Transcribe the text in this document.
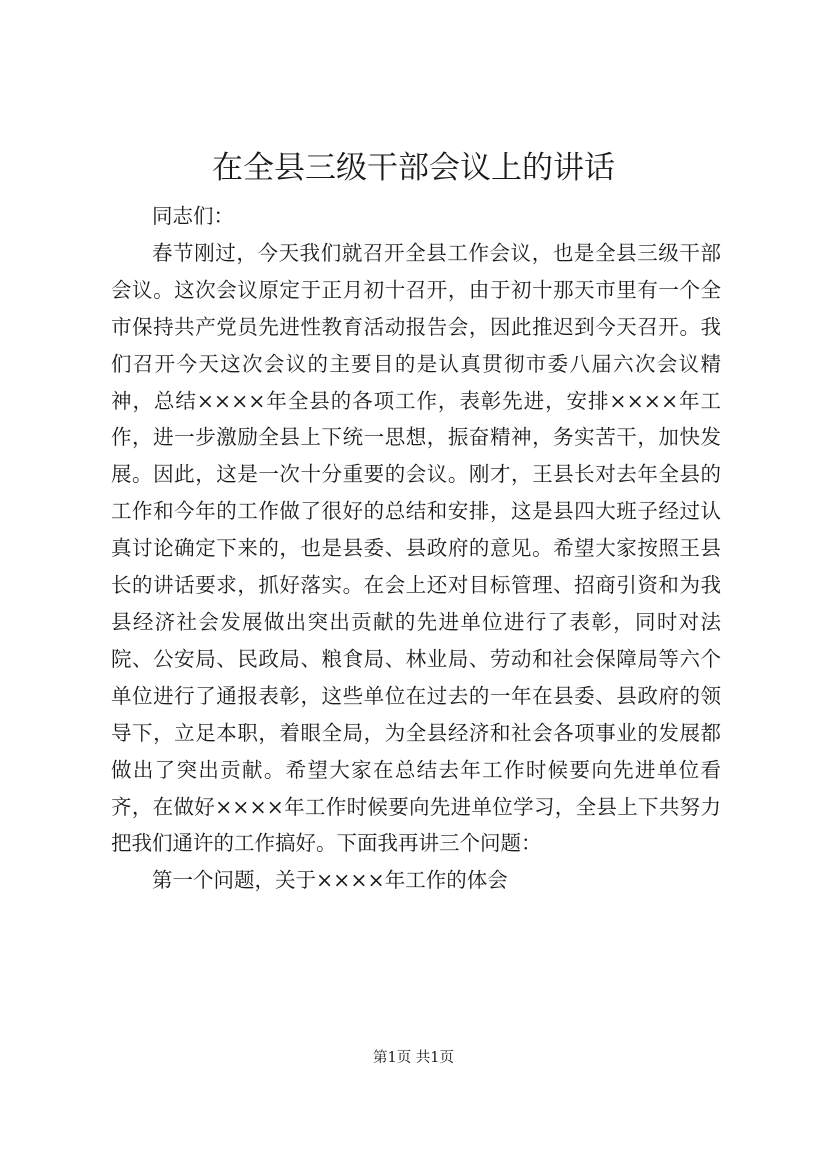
在全县三级干部会议上的讲话

同志们：

春节刚过，今天我们就召开全县工作会议，也是全县三级干部会议。这次会议原定于正月初十召开，由于初十那天市里有一个全市保持共产党员先进性教育活动报告会，因此推迟到今天召开。我们召开今天这次会议的主要目的是认真贯彻市委八届六次会议精神，总结××××年全县的各项工作，表彰先进，安排××××年工作，进一步激励全县上下统一思想，振奋精神，务实苦干，加快发展。因此，这是一次十分重要的会议。刚才，王县长对去年全县的工作和今年的工作做了很好的总结和安排，这是县四大班子经过认真讨论确定下来的，也是县委、县政府的意见。希望大家按照王县长的讲话要求，抓好落实。在会上还对目标管理、招商引资和为我县经济社会发展做出突出贡献的先进单位进行了表彰，同时对法院、公安局、民政局、粮食局、林业局、劳动和社会保障局等六个单位进行了通报表彰，这些单位在过去的一年在县委、县政府的领导下，立足本职，着眼全局，为全县经济和社会各项事业的发展都做出了突出贡献。希望大家在总结去年工作时候要向先进单位看齐，在做好××××年工作时候要向先进单位学习，全县上下共努力把我们通许的工作搞好。下面我再讲三个问题：

第一个问题，关于××××年工作的体会

第1页 共1页
